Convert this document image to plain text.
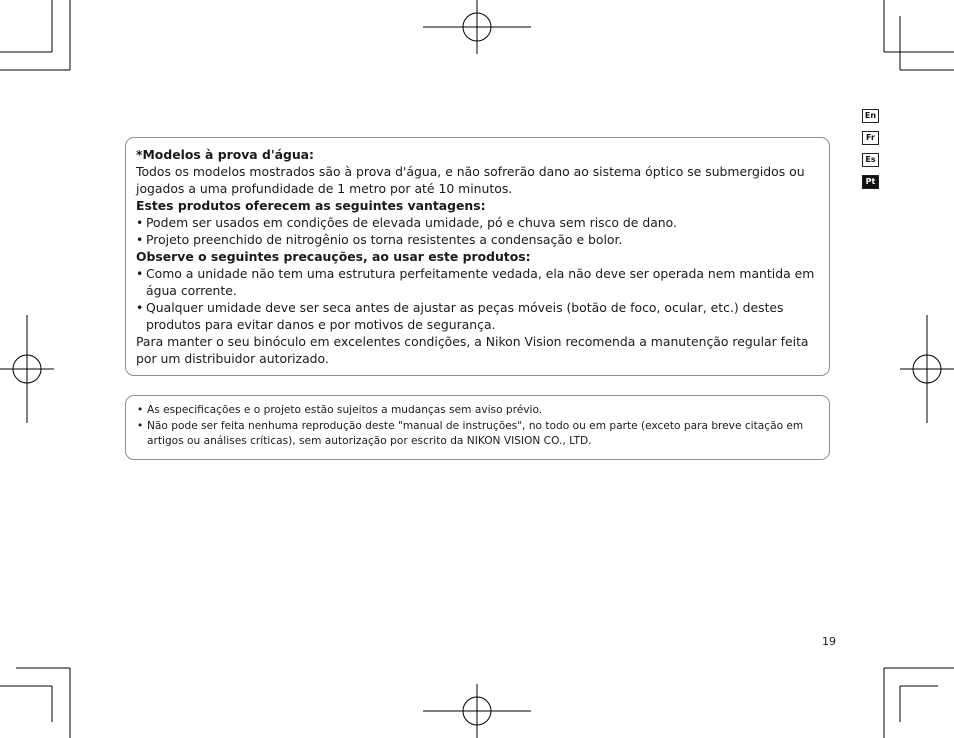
En
Fr
Es
Pt

*Modelos à prova d'água:

Todos os modelos mostrados são à prova d'água, e não sofrerão dano ao sistema óptico se submergidos ou jogados a uma profundidade de 1 metro por até 10 minutos.

Estes produtos oferecem as seguintes vantagens:

• Podem ser usados em condições de elevada umidade, pó e chuva sem risco de dano.
• Projeto preenchido de nitrogênio os torna resistentes a condensação e bolor.

Observe o seguintes precauções, ao usar este produtos:

• Como a unidade não tem uma estrutura perfeitamente vedada, ela não deve ser operada nem mantida em água corrente.
• Qualquer umidade deve ser seca antes de ajustar as peças móveis (botão de foco, ocular, etc.) destes produtos para evitar danos e por motivos de segurança.

Para manter o seu binóculo em excelentes condições, a Nikon Vision recomenda a manutenção regular feita por um distribuidor autorizado.

• As especificações e o projeto estão sujeitos a mudanças sem aviso prévio.
• Não pode ser feita nenhuma reprodução deste "manual de instruções", no todo ou em parte (exceto para breve citação em artigos ou análises críticas), sem autorização por escrito da NIKON VISION CO., LTD.
19
